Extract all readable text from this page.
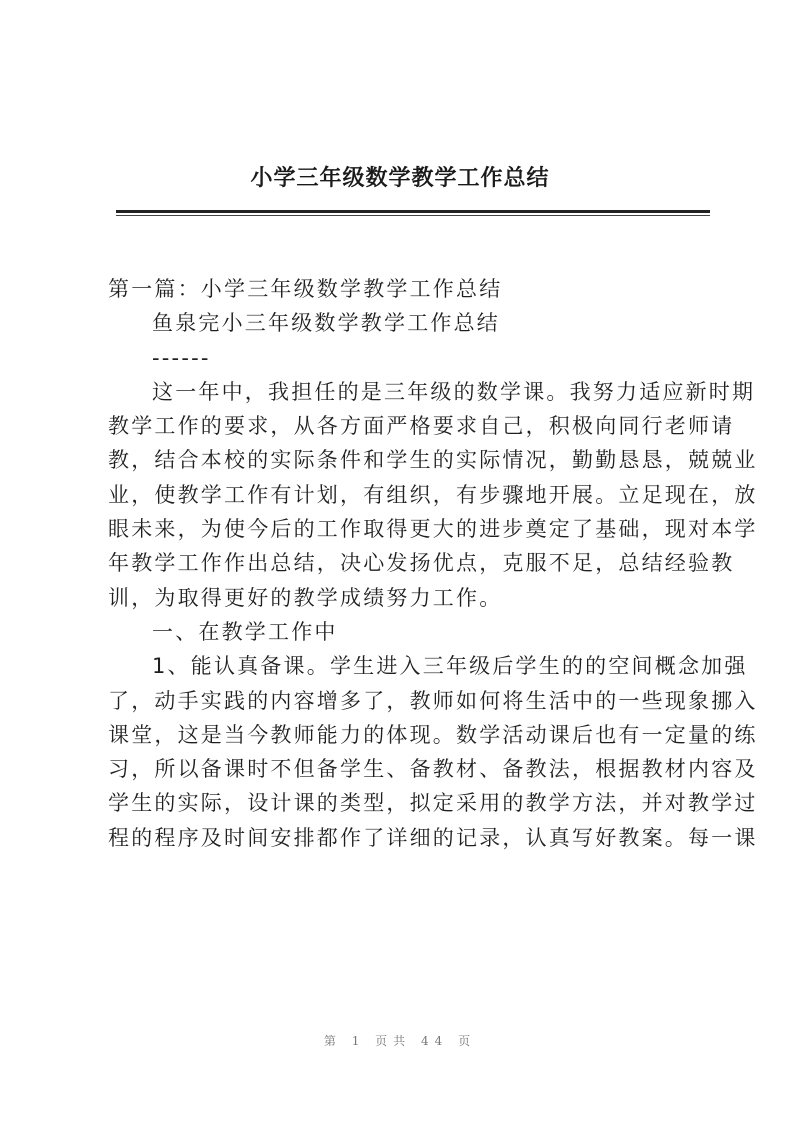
小学三年级数学教学工作总结
第一篇：小学三年级数学教学工作总结
鱼泉完小三年级数学教学工作总结
------
这一年中，我担任的是三年级的数学课。我努力适应新时期
教学工作的要求，从各方面严格要求自己，积极向同行老师请
教，结合本校的实际条件和学生的实际情况，勤勤恳恳，兢兢业
业，使教学工作有计划，有组织，有步骤地开展。立足现在，放
眼未来，为使今后的工作取得更大的进步奠定了基础，现对本学
年教学工作作出总结，决心发扬优点，克服不足，总结经验教
训，为取得更好的教学成绩努力工作。
一、在教学工作中
1、能认真备课。学生进入三年级后学生的的空间概念加强
了，动手实践的内容增多了，教师如何将生活中的一些现象挪入
课堂，这是当今教师能力的体现。数学活动课后也有一定量的练
习，所以备课时不但备学生、备教材、备教法，根据教材内容及
学生的实际，设计课的类型，拟定采用的教学方法，并对教学过
程的程序及时间安排都作了详细的记录，认真写好教案。每一课
第 1 页共 44 页
